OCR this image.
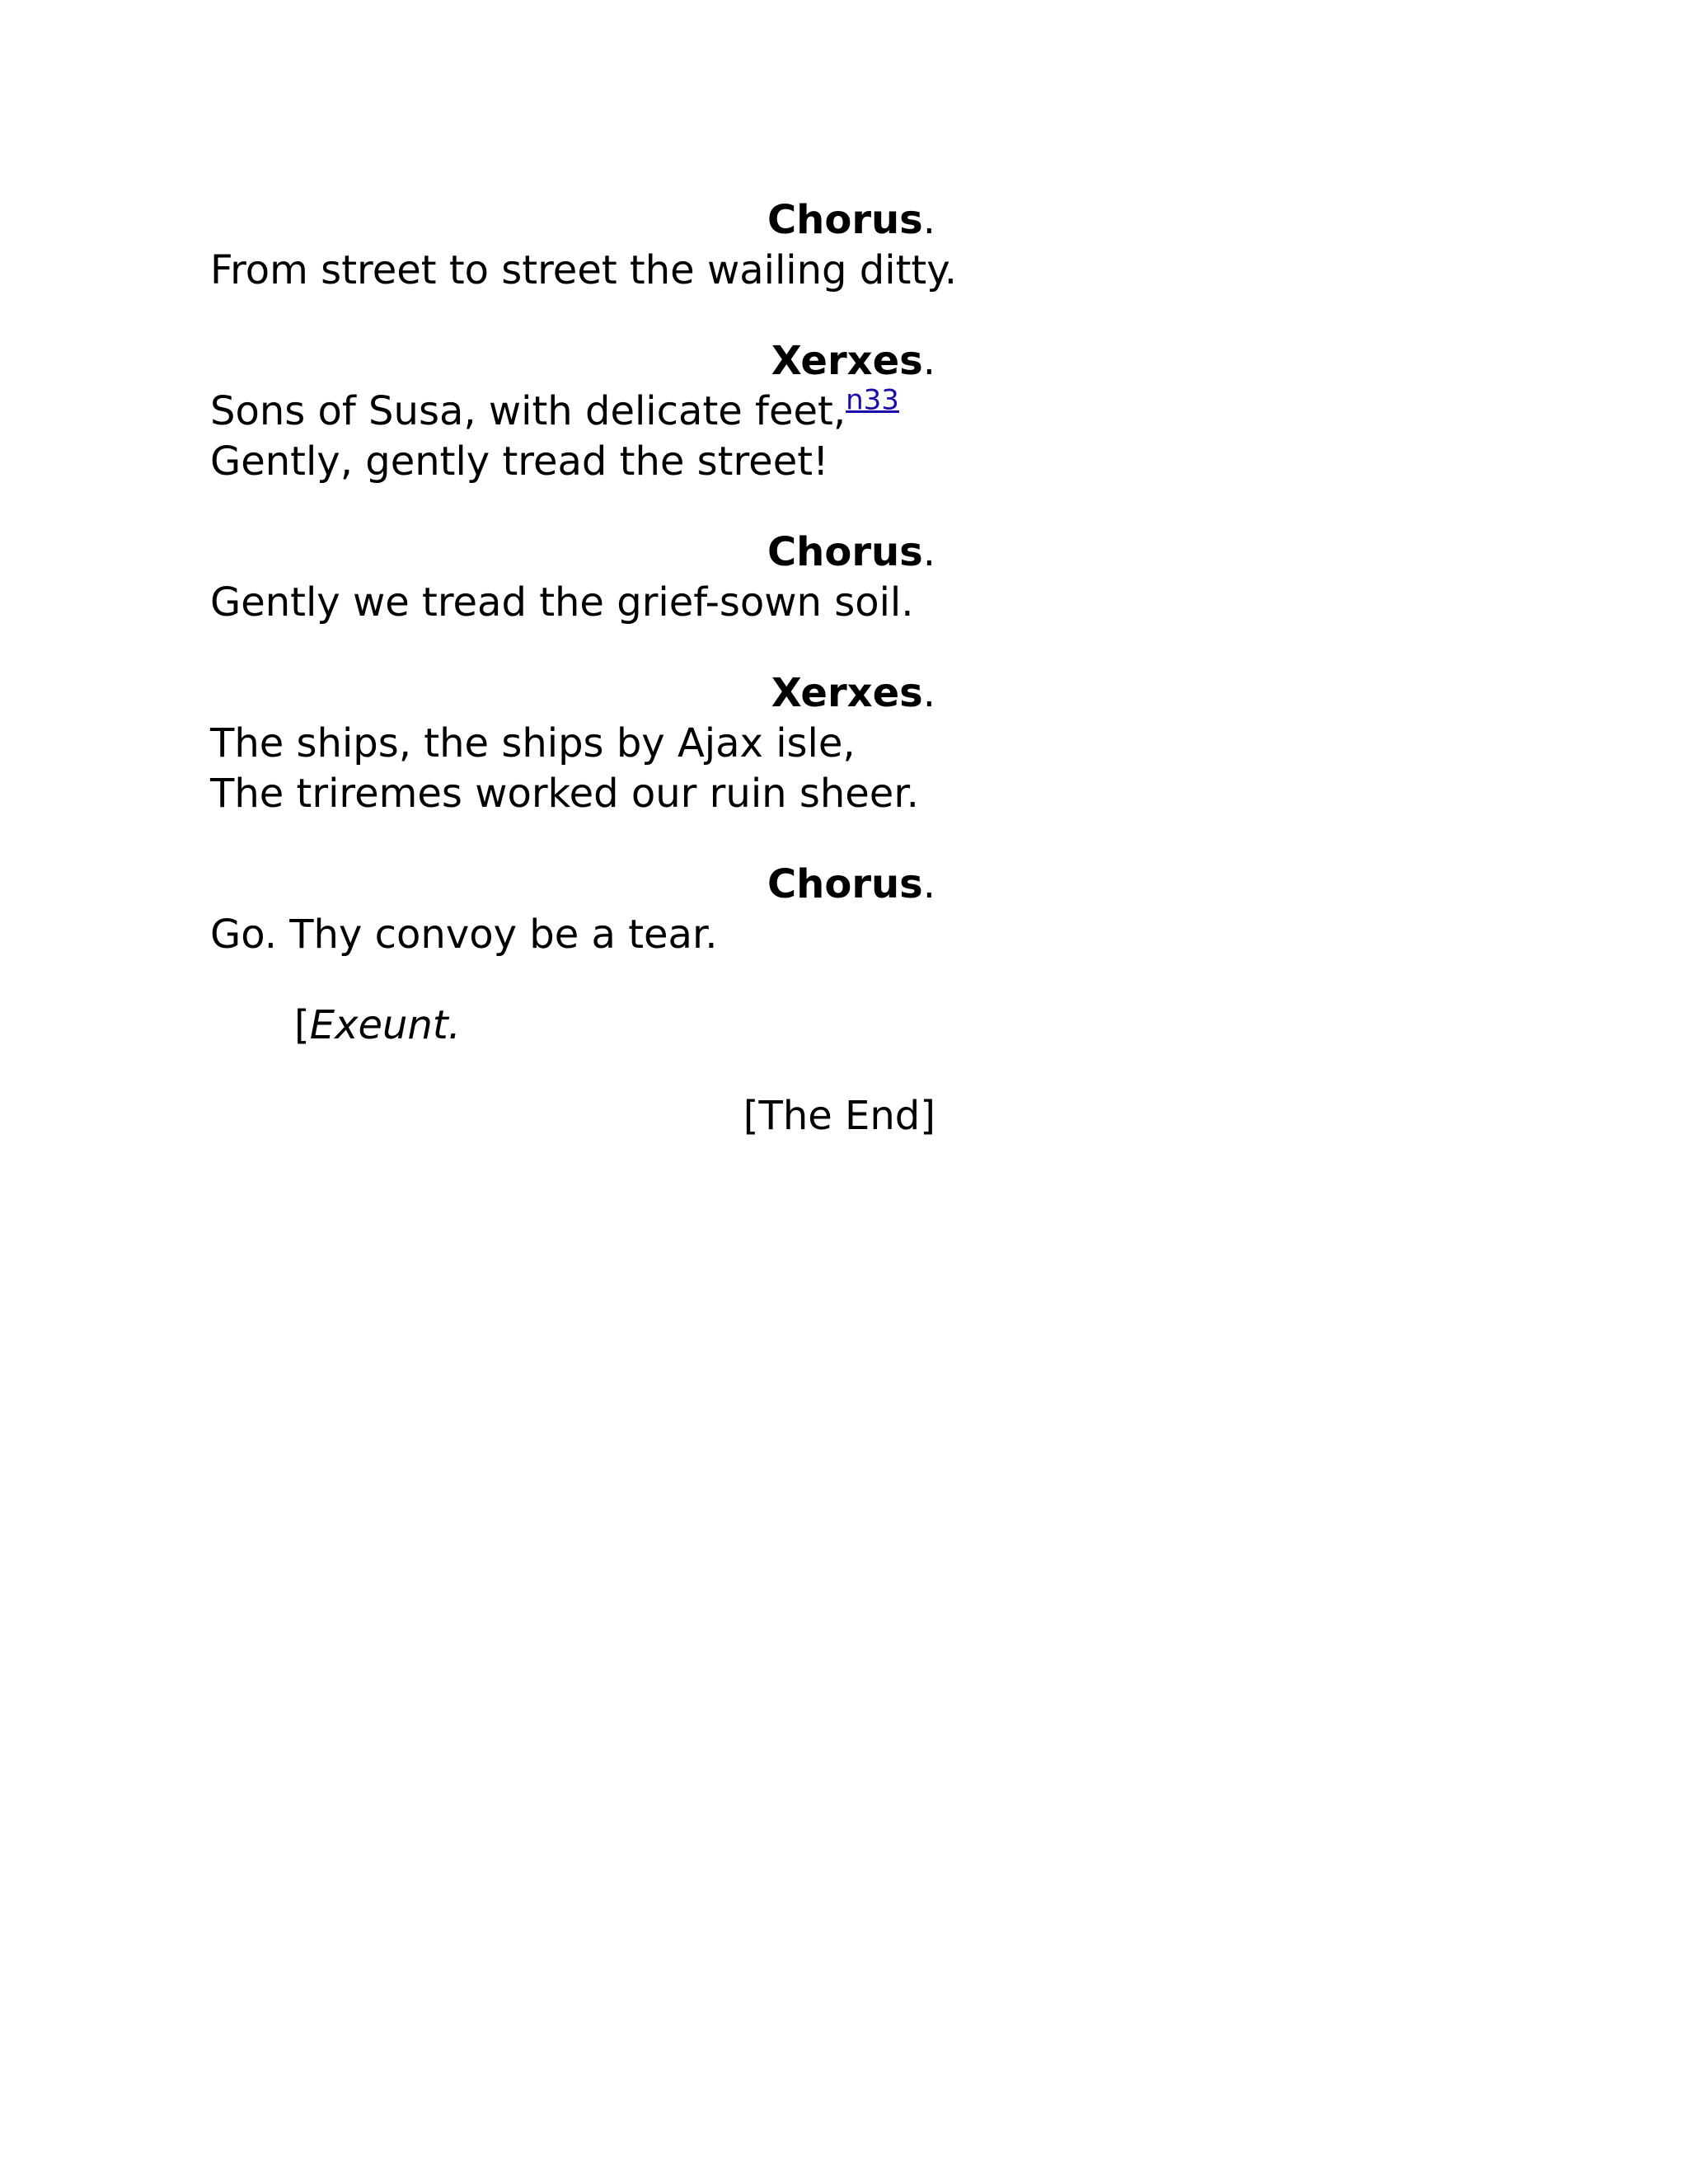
Chorus.
From street to street the wailing ditty.
Xerxes.
Sons of Susa, with delicate feet,$^{n33}$
Gently, gently tread the street!
Chorus.
Gently we tread the grief-sown soil.
Xerxes.
The ships, the ships by Ajax isle,
The triremes worked our ruin sheer.
Chorus.
Go. Thy convoy be a tear.
[Exeunt.
[The End]
